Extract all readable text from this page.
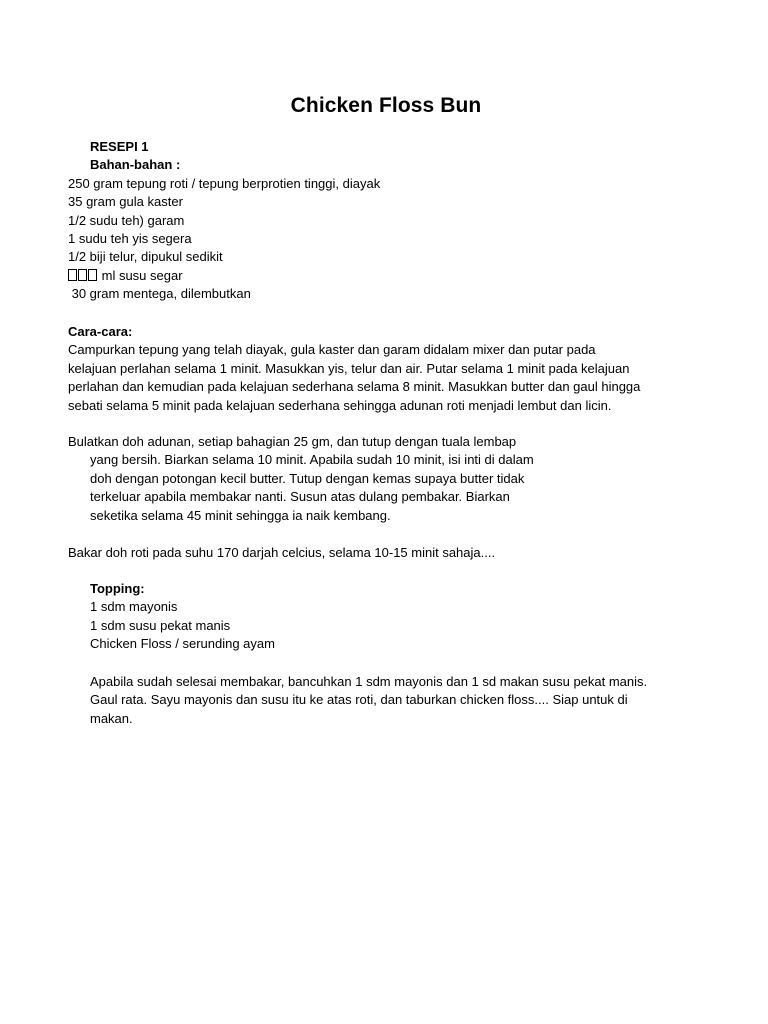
Chicken Floss Bun
RESEPI 1
Bahan-bahan :
250 gram tepung roti / tepung berprotien tinggi, diayak
35 gram gula kaster
1/2 sudu teh) garam
1 sudu teh yis segera
1/2 biji telur, dipukul sedikit
ml susu segar
30 gram mentega, dilembutkan
Cara-cara:
Campurkan tepung yang telah diayak, gula kaster dan garam didalam mixer dan putar pada
kelajuan perlahan selama 1 minit. Masukkan yis, telur dan air. Putar selama 1 minit pada kelajuan
perlahan dan kemudian pada kelajuan sederhana selama 8 minit. Masukkan butter dan gaul hingga
sebati selama 5 minit pada kelajuan sederhana sehingga adunan roti menjadi lembut dan licin.
Bulatkan doh adunan, setiap bahagian 25 gm, dan tutup dengan tuala lembap
yang bersih. Biarkan selama 10 minit. Apabila sudah 10 minit, isi inti di dalam
doh dengan potongan kecil butter. Tutup dengan kemas supaya butter tidak
terkeluar apabila membakar nanti. Susun atas dulang pembakar. Biarkan
seketika selama 45 minit sehingga ia naik kembang.
Bakar doh roti pada suhu 170 darjah celcius, selama 10-15 minit sahaja....
Topping:
1 sdm mayonis
1 sdm susu pekat manis
Chicken Floss / serunding ayam
Apabila sudah selesai membakar, bancuhkan 1 sdm mayonis dan 1 sd makan susu pekat manis.
Gaul rata. Sayu mayonis dan susu itu ke atas roti, dan taburkan chicken floss.... Siap untuk di
makan.
